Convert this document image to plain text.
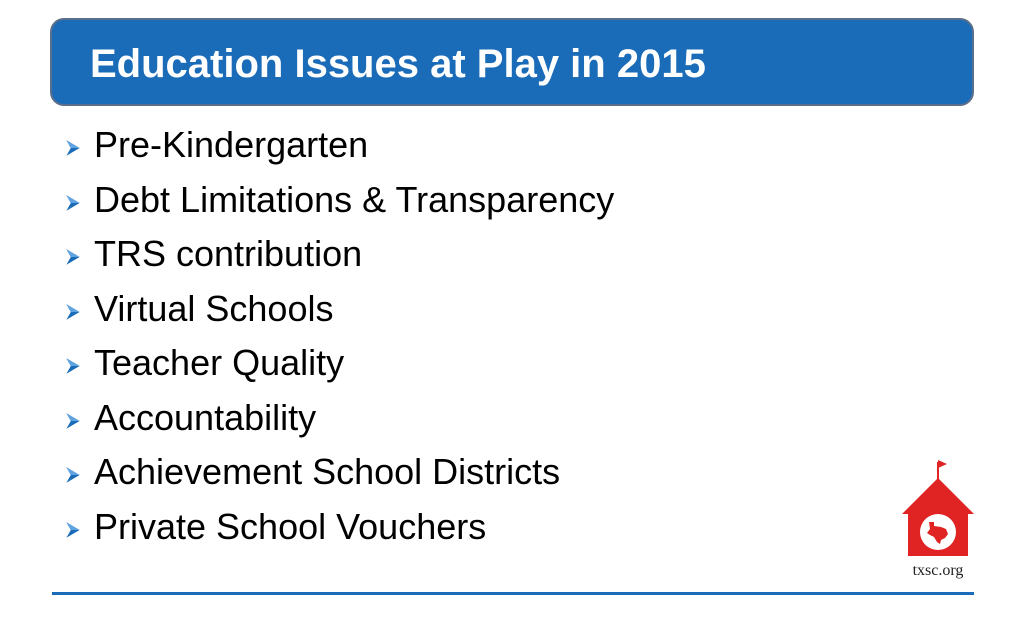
Education Issues at Play in 2015
Pre-Kindergarten
Debt Limitations & Transparency
TRS contribution
Virtual Schools
Teacher Quality
Accountability
Achievement School Districts
Private School Vouchers
txsc.org
